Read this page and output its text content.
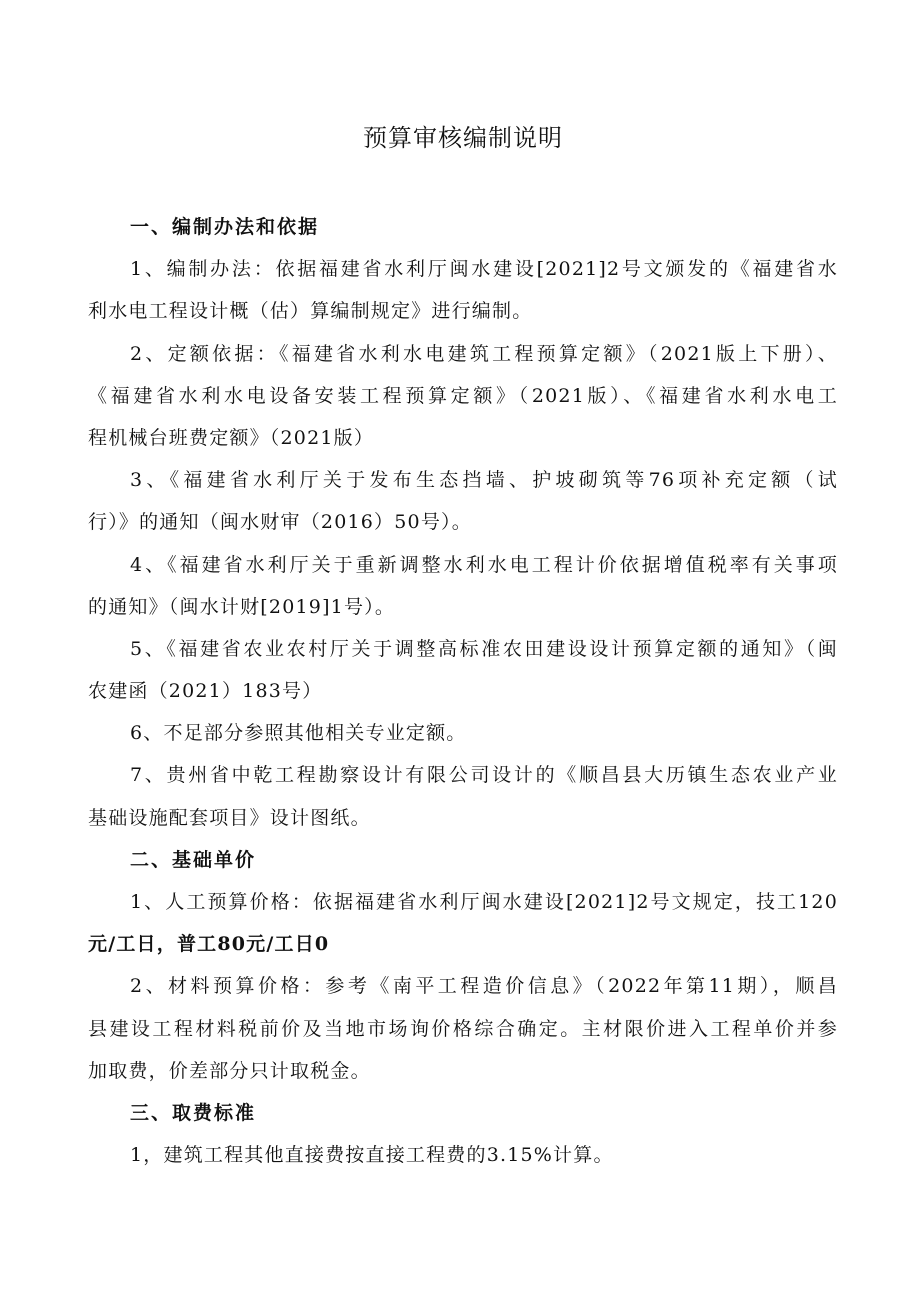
预算审核编制说明
一、编制办法和依据
1、编制办法：依据福建省水利厅闽水建设[2021]2号文颁发的《福建省水
利水电工程设计概（估）算编制规定》进行编制。
2、定额依据：《福建省水利水电建筑工程预算定额》（2021版上下册）、
《福建省水利水电设备安装工程预算定额》（2021版）、《福建省水利水电工
程机械台班费定额》（2021版）
3、《福建省水利厅关于发布生态挡墙、护坡砌筑等76项补充定额（试
行）》的通知（闽水财审（2016）50号）。
4、《福建省水利厅关于重新调整水利水电工程计价依据增值税率有关事项
的通知》（闽水计财[2019]1号）。
5、《福建省农业农村厅关于调整高标准农田建设设计预算定额的通知》（闽
农建函（2021）183号）
6、不足部分参照其他相关专业定额。
7、贵州省中乾工程勘察设计有限公司设计的《顺昌县大历镇生态农业产业
基础设施配套项目》设计图纸。
二、基础单价
1、人工预算价格：依据福建省水利厅闽水建设[2021]2号文规定，技工120
元/工日，普工80元/工日0
2、材料预算价格：参考《南平工程造价信息》（2022年第11期），顺昌
县建设工程材料税前价及当地市场询价格综合确定。主材限价进入工程单价并参
加取费，价差部分只计取税金。
三、取费标准
1，建筑工程其他直接费按直接工程费的3.15%计算。
